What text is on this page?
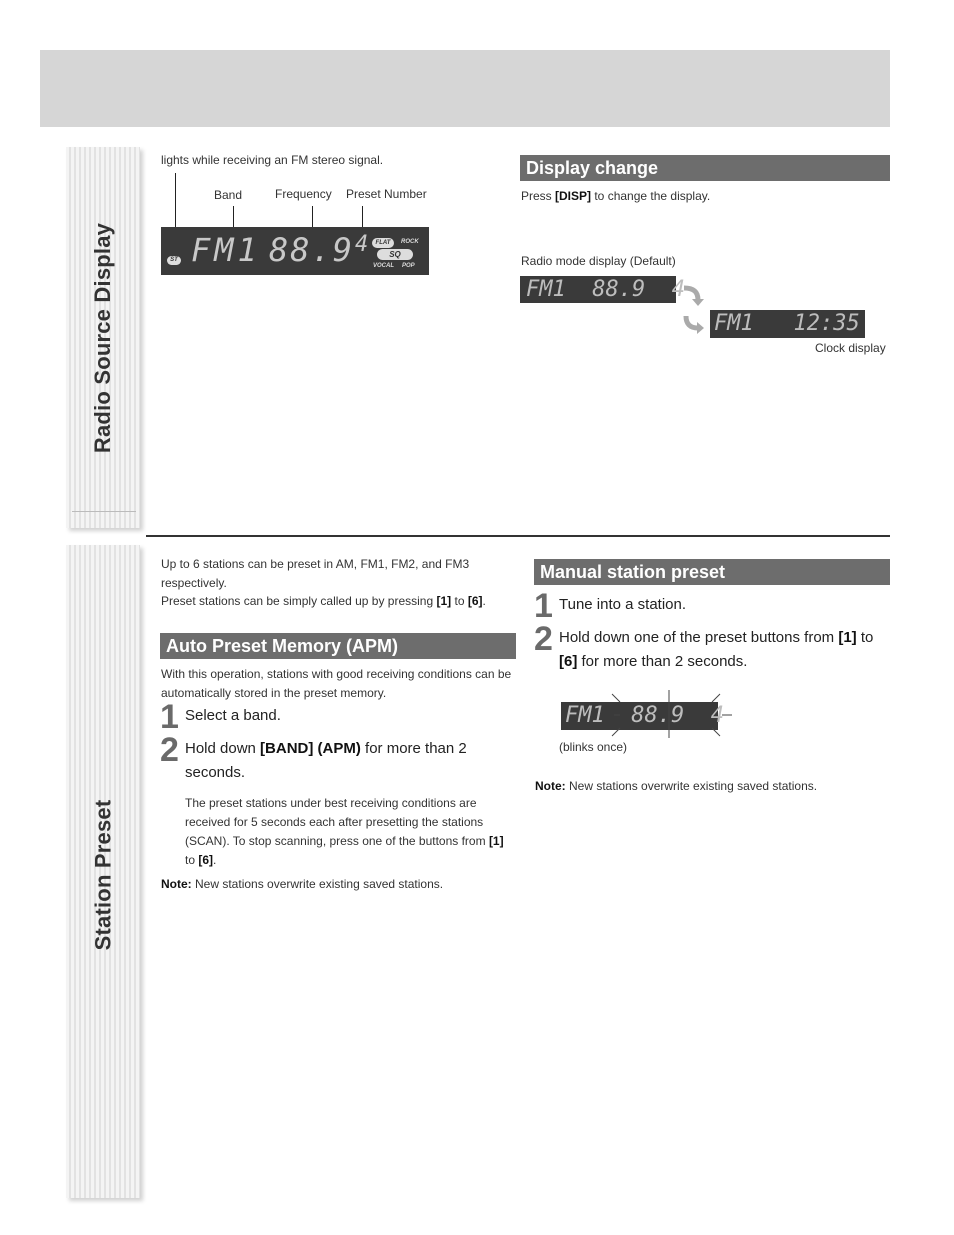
Radio Source Display
Station Preset
lights while receiving an FM stereo signal.
Band	Frequency Preset Number

ST

FM1

88.9

4

	FLAT

	ROCK

SQ

VOCAL

POP

Display change
Press [DISP] to change the display.
Radio mode display (Default)
FM1  88.9  4
FM1   12:35
Clock display
Up to 6 stations can be preset in AM, FM1, FM2, and FM3 respectively.
Preset stations can be simply called up by pressing [1] to [6].
Auto Preset Memory (APM)
With this operation, stations with good receiving conditions can be automatically stored in the preset memory.
1 Select a band.
2 Hold down [BAND] (APM) for more than 2 seconds.
The preset stations under best receiving conditions are received for 5 seconds each after presetting the stations (SCAN). To stop scanning, press one of the buttons from [1] to [6].
Note: New stations overwrite existing saved stations.
Manual station preset
1 Tune into a station.
2 Hold down one of the preset buttons from [1] to [6] for more than 2 seconds.
FM1  88.9  4
(blinks once)
Note: New stations overwrite existing saved stations.
